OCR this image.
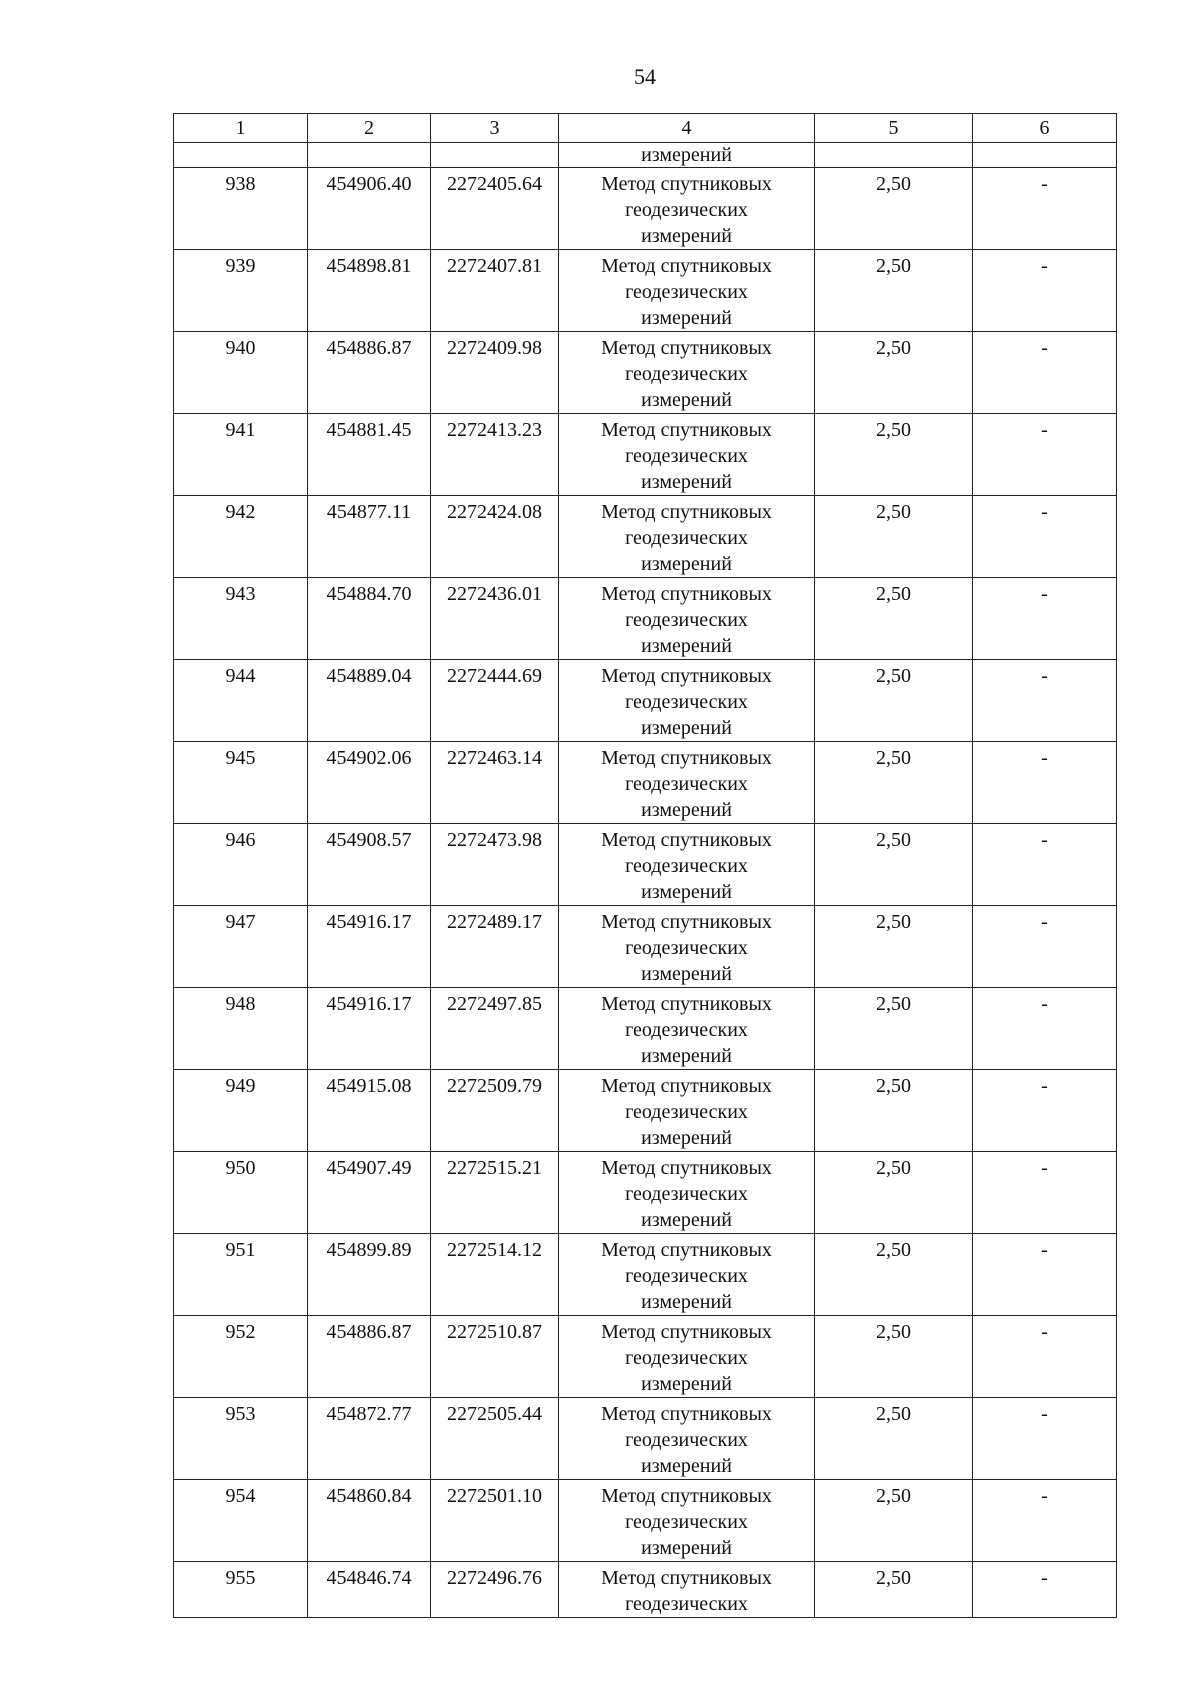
54
1	2	3	4	5	6
			измерений		
938	454906.40	2272405.64	Метод спутниковых
геодезических
измерений	2,50	-
939	454898.81	2272407.81	Метод спутниковых
геодезических
измерений	2,50	-
940	454886.87	2272409.98	Метод спутниковых
геодезических
измерений	2,50	-
941	454881.45	2272413.23	Метод спутниковых
геодезических
измерений	2,50	-
942	454877.11	2272424.08	Метод спутниковых
геодезических
измерений	2,50	-
943	454884.70	2272436.01	Метод спутниковых
геодезических
измерений	2,50	-
944	454889.04	2272444.69	Метод спутниковых
геодезических
измерений	2,50	-
945	454902.06	2272463.14	Метод спутниковых
геодезических
измерений	2,50	-
946	454908.57	2272473.98	Метод спутниковых
геодезических
измерений	2,50	-
947	454916.17	2272489.17	Метод спутниковых
геодезических
измерений	2,50	-
948	454916.17	2272497.85	Метод спутниковых
геодезических
измерений	2,50	-
949	454915.08	2272509.79	Метод спутниковых
геодезических
измерений	2,50	-
950	454907.49	2272515.21	Метод спутниковых
геодезических
измерений	2,50	-
951	454899.89	2272514.12	Метод спутниковых
геодезических
измерений	2,50	-
952	454886.87	2272510.87	Метод спутниковых
геодезических
измерений	2,50	-
953	454872.77	2272505.44	Метод спутниковых
геодезических
измерений	2,50	-
954	454860.84	2272501.10	Метод спутниковых
геодезических
измерений	2,50	-
955	454846.74	2272496.76	Метод спутниковых
геодезических	2,50	-
